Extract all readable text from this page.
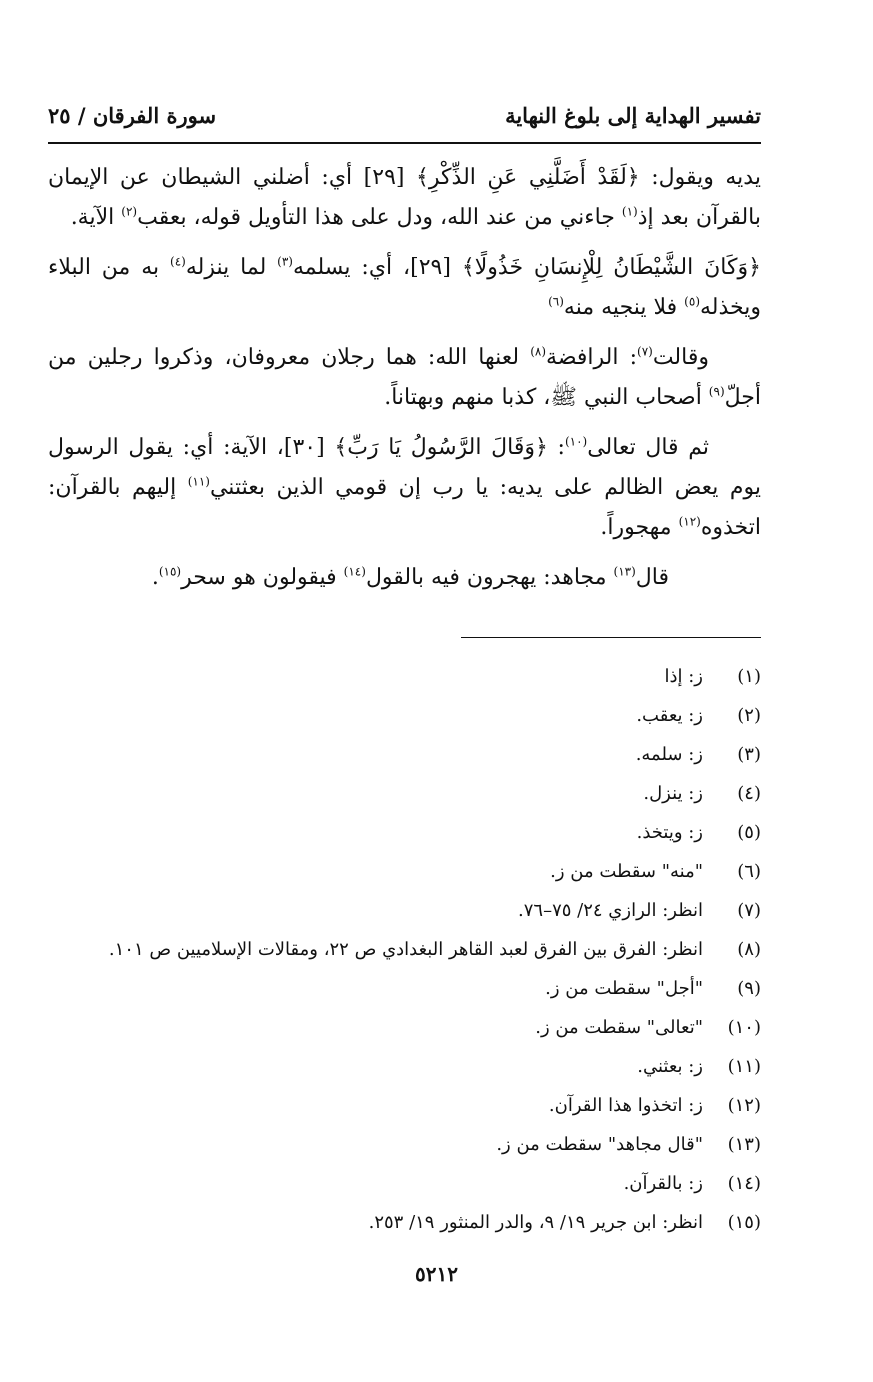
تفسير الهداية إلى بلوغ النهاية
سورة الفرقان / ٢٥

يديه ويقول: ﴿لَقَدْ أَضَلَّنِي عَنِ الذِّكْرِ﴾ [٢٩] أي: أضلني الشيطان عن الإيمان بالقرآن بعد إذ$^{(١)}$ جاءني من عند الله، ودل على هذا التأويل قوله، بعقب$^{(٢)}$ الآية.

﴿وَكَانَ الشَّيْطَانُ لِلْإِنسَانِ خَذُولًا﴾ [٢٩]، أي: يسلمه$^{(٣)}$ لما ينزله$^{(٤)}$ به من البلاء ويخذله$^{(٥)}$ فلا ينجيه منه$^{(٦)}$

وقالت$^{(٧)}$: الرافضة$^{(٨)}$ لعنها الله: هما رجلان معروفان، وذكروا رجلين من أجلّ$^{(٩)}$ أصحاب النبي ﷺ، كذبا منهم وبهتاناً.

ثم قال تعالى$^{(١٠)}$: ﴿وَقَالَ الرَّسُولُ يَا رَبِّ﴾ [٣٠]، الآية: أي: يقول الرسول يوم يعض الظالم على يديه: يا رب إن قومي الذين بعثتني$^{(١١)}$ إليهم بالقرآن: اتخذوه$^{(١٢)}$ مهجوراً.

قال$^{(١٣)}$ مجاهد: يهجرون فيه بالقول$^{(١٤)}$ فيقولون هو سحر$^{(١٥)}$.

(١)
ز: إذا
(٢)
ز: يعقب.
(٣)
ز: سلمه.
(٤)
ز: ينزل.
(٥)
ز: ويتخذ.
(٦)
"منه" سقطت من ز.
(٧)
انظر: الرازي ٢٤/ ٧٥–٧٦.
(٨)
انظر: الفرق بين الفرق لعبد القاهر البغدادي ص ٢٢، ومقالات الإسلاميين ص ١٠١.
(٩)
"أجل" سقطت من ز.
(١٠)
"تعالى" سقطت من ز.
(١١)
ز: بعثني.
(١٢)
ز: اتخذوا هذا القرآن.
(١٣)
"قال مجاهد" سقطت من ز.
(١٤)
ز: بالقرآن.
(١٥)
انظر: ابن جرير ١٩/ ٩، والدر المنثور ١٩/ ٢٥٣.
٥٢١٢
